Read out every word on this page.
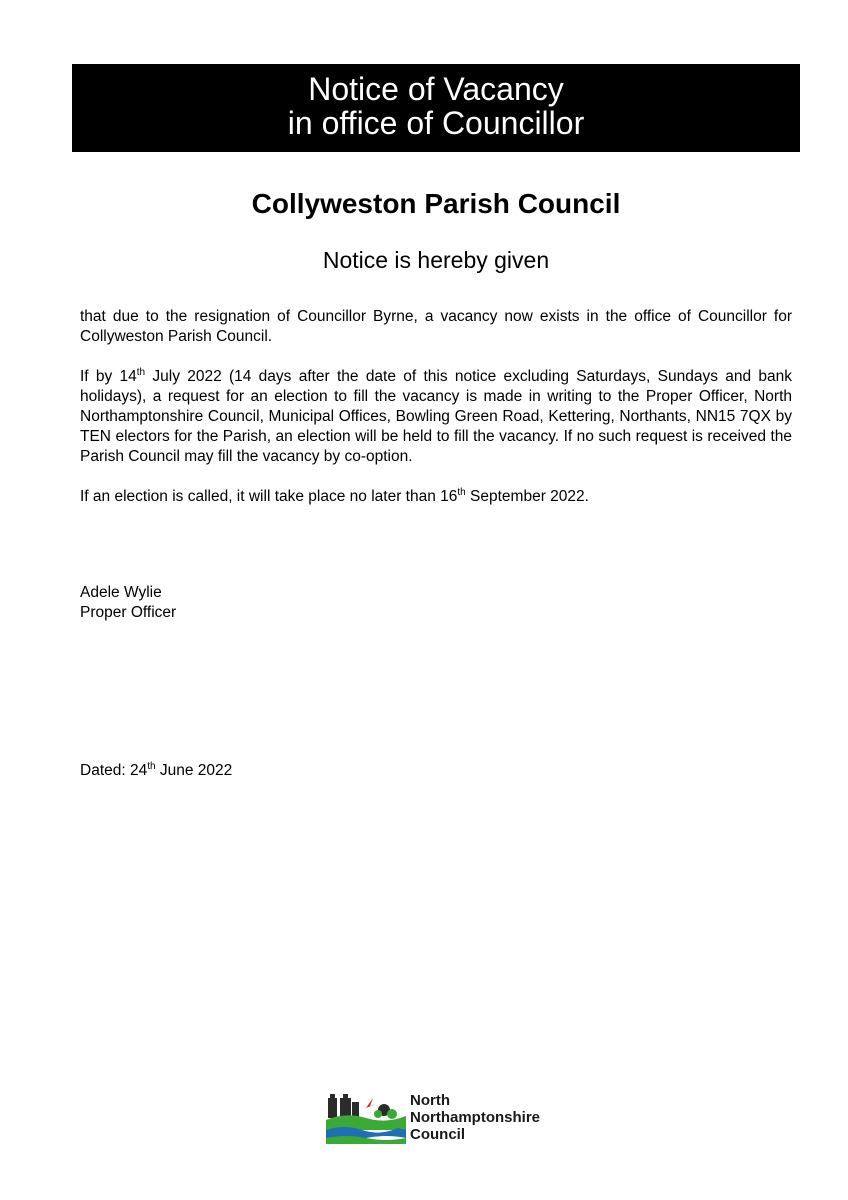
Notice of Vacancy
in office of Councillor
Collyweston Parish Council
Notice is hereby given

that due to the resignation of Councillor Byrne, a vacancy now exists in the office of Councillor for Collyweston Parish Council.

If by 14th July 2022 (14 days after the date of this notice excluding Saturdays, Sundays and bank holidays), a request for an election to fill the vacancy is made in writing to the Proper Officer, North Northamptonshire Council, Municipal Offices, Bowling Green Road, Kettering, Northants, NN15 7QX by TEN electors for the Parish, an election will be held to fill the vacancy. If no such request is received the Parish Council may fill the vacancy by co-option.

If an election is called, it will take place no later than 16th September 2022.

Adele Wylie
Proper Officer
Dated: 24th June 2022
North
Northamptonshire
Council
